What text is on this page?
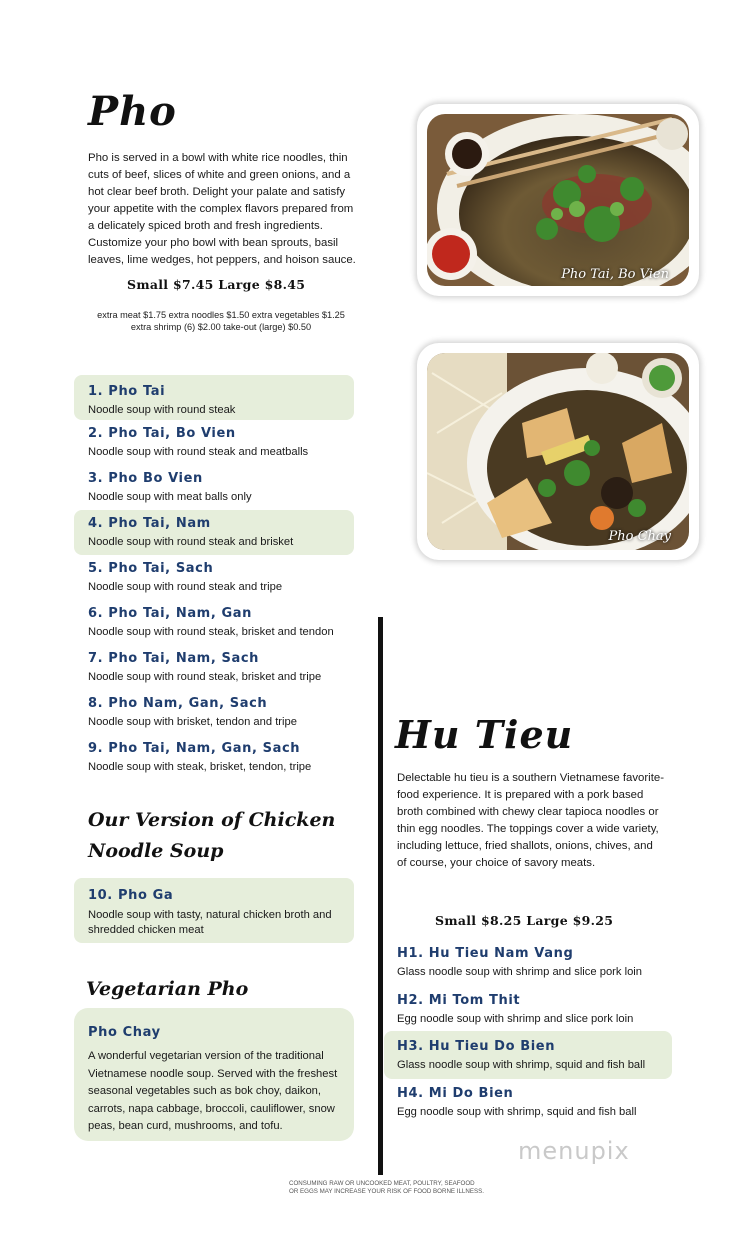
Pho
Pho is served in a bowl with white rice noodles, thin cuts of beef, slices of white and green onions, and a hot clear beef broth. Delight your palate and satisfy your appetite with the complex flavors prepared from a delicately spiced broth and fresh ingredients. Customize your pho bowl with bean sprouts, basil leaves, lime wedges, hot peppers, and hoison sauce.
Small $7.45 Large $8.45
extra meat $1.75 extra noodles $1.50 extra vegetables $1.25
extra shrimp (6) $2.00 take-out (large) $0.50
Pho Tai, Bo Vien
Pho Chay
1. Pho Tai
Noodle soup with round steak
2. Pho Tai, Bo Vien
Noodle soup with round steak and meatballs
3. Pho Bo Vien
Noodle soup with meat balls only
4. Pho Tai, Nam
Noodle soup with round steak and brisket
5. Pho Tai, Sach
Noodle soup with round steak and tripe
6. Pho Tai, Nam, Gan
Noodle soup with round steak, brisket and tendon
7. Pho Tai, Nam, Sach
Noodle soup with round steak, brisket and tripe
8. Pho Nam, Gan, Sach
Noodle soup with brisket, tendon and tripe
9. Pho Tai, Nam, Gan, Sach
Noodle soup with steak, brisket, tendon, tripe
Our Version of Chicken
Noodle Soup
10. Pho Ga
Noodle soup with tasty, natural chicken broth and shredded chicken meat
Vegetarian Pho
Pho Chay
A wonderful vegetarian version of the traditional Vietnamese noodle soup. Served with the freshest seasonal vegetables such as bok choy, daikon, carrots, napa cabbage, broccoli, cauliflower, snow peas, bean curd, mushrooms, and tofu.
Hu Tieu
Delectable hu tieu is a southern Vietnamese favorite-food experience. It is prepared with a pork based broth combined with chewy clear tapioca noodles or thin egg noodles. The toppings cover a wide variety, including lettuce, fried shallots, onions, chives, and of course, your choice of savory meats.
Small $8.25 Large $9.25
H1. Hu Tieu Nam Vang
Glass noodle soup with shrimp and slice pork loin
H2. Mi Tom Thit
Egg noodle soup with shrimp and slice pork loin
H3. Hu Tieu Do Bien
Glass noodle soup with shrimp, squid and fish ball
H4. Mi Do Bien
Egg noodle soup with shrimp, squid and fish ball
menupix
CONSUMING RAW OR UNCOOKED MEAT, POULTRY, SEAFOOD
OR EGGS MAY INCREASE YOUR RISK OF FOOD BORNE ILLNESS.
